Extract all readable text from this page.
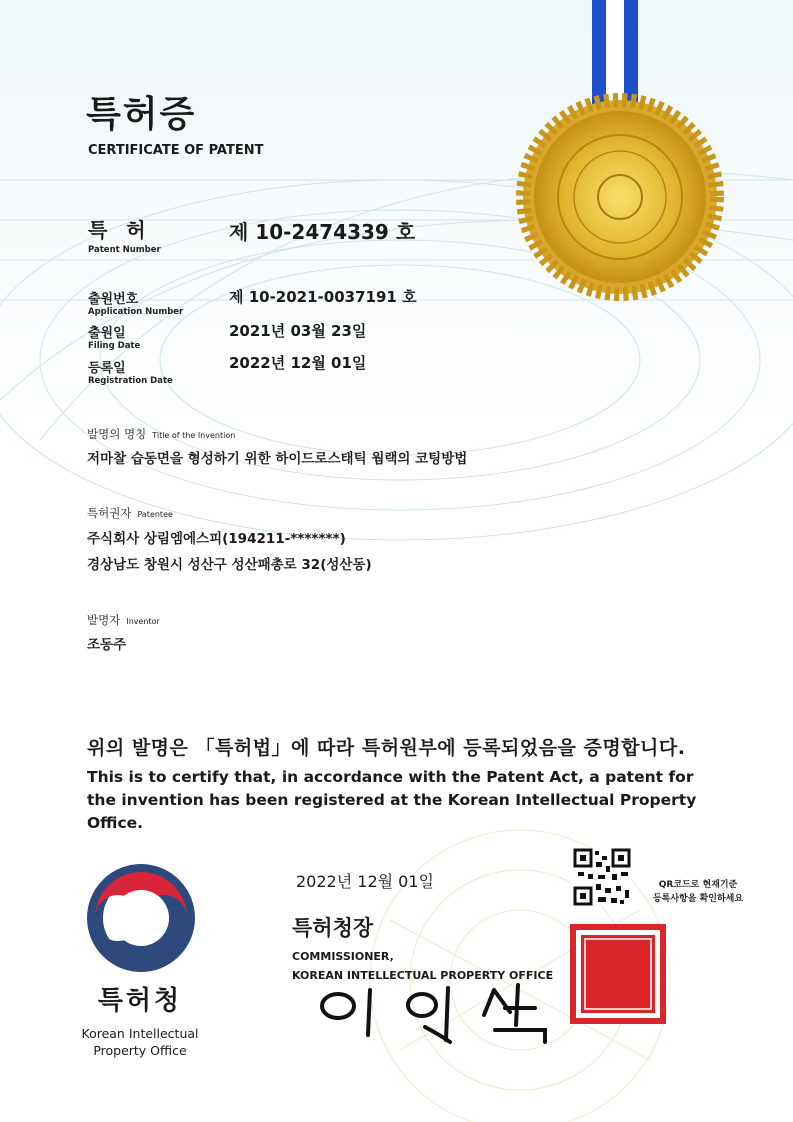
특허증
CERTIFICATE OF PATENT
특 허
Patent Number
제 10-2474339 호
출원번호
Application Number
제 10-2021-0037191 호
출원일
Filing Date
2021년 03월 23일
등록일
Registration Date
2022년 12월 01일
발명의 명칭 Title of the Invention
저마찰 습동면을 형성하기 위한 하이드로스태틱 웜랙의 코팅방법
특허권자 Patentee
주식회사 상림엠에스피(194211-*******)
경상남도 창원시 성산구 성산패총로 32(성산동)
발명자 Inventor
조동주
위의 발명은 「특허법」에 따라 특허원부에 등록되었음을 증명합니다.
This is to certify that, in accordance with the Patent Act, a patent for the invention has been registered at the Korean Intellectual Property Office.
2022년 12월 01일	QR코드로 현재기준
등록사항을 확인하세요
특허청장
COMMISSIONER,
KOREAN INTELLECTUAL PROPERTY OFFICE
특허청
Korean Intellectual
Property Office
